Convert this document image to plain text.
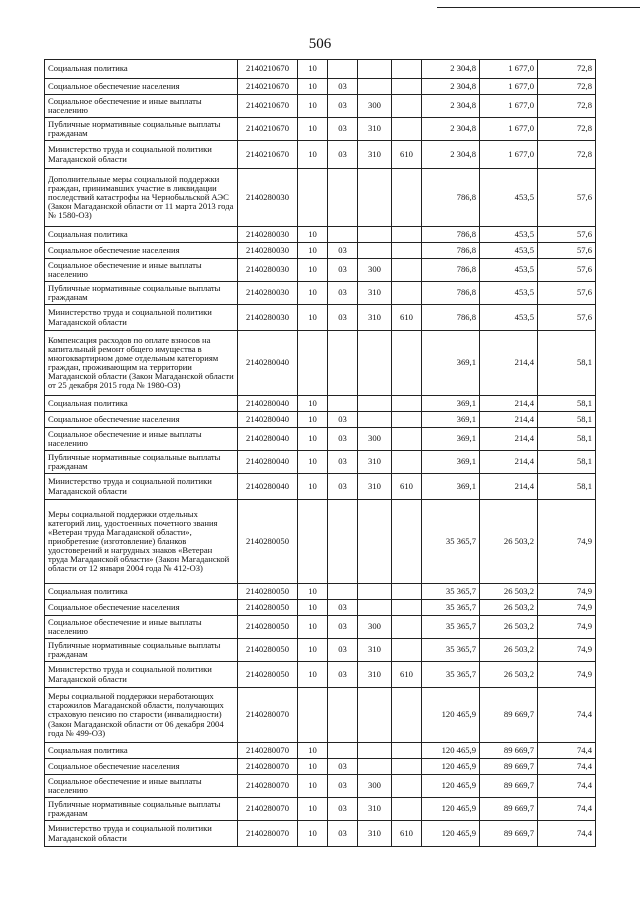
506
Социальная политика	2140210670	10				2 304,8	1 677,0	72,8
Социальное обеспечение населения	2140210670	10	03			2 304,8	1 677,0	72,8
Социальное обеспечение и иные выплаты населению	2140210670	10	03	300		2 304,8	1 677,0	72,8
Публичные нормативные социальные выплаты гражданам	2140210670	10	03	310		2 304,8	1 677,0	72,8
Министерство труда и социальной политики Магаданской области	2140210670	10	03	310	610	2 304,8	1 677,0	72,8
Дополнительные меры социальной поддержки граждан, принимавших участие в ликвидации последствий катастрофы на Чернобыльской АЭС (Закон Магаданской области от 11 марта 2013 года № 1580-ОЗ)	2140280030					786,8	453,5	57,6
Социальная политика	2140280030	10				786,8	453,5	57,6
Социальное обеспечение населения	2140280030	10	03			786,8	453,5	57,6
Социальное обеспечение и иные выплаты населению	2140280030	10	03	300		786,8	453,5	57,6
Публичные нормативные социальные выплаты гражданам	2140280030	10	03	310		786,8	453,5	57,6
Министерство труда и социальной политики Магаданской области	2140280030	10	03	310	610	786,8	453,5	57,6
Компенсация расходов по оплате взносов на капитальный ремонт общего имущества в многоквартирном доме отдельным категориям граждан, проживающим на территории Магаданской области (Закон Магаданской области от 25 декабря 2015 года № 1980-ОЗ)	2140280040					369,1	214,4	58,1
Социальная политика	2140280040	10				369,1	214,4	58,1
Социальное обеспечение населения	2140280040	10	03			369,1	214,4	58,1
Социальное обеспечение и иные выплаты населению	2140280040	10	03	300		369,1	214,4	58,1
Публичные нормативные социальные выплаты гражданам	2140280040	10	03	310		369,1	214,4	58,1
Министерство труда и социальной политики Магаданской области	2140280040	10	03	310	610	369,1	214,4	58,1
Меры социальной поддержки отдельных категорий лиц, удостоенных почетного звания «Ветеран труда Магаданской области», приобретение (изготовление) бланков удостоверений и нагрудных знаков «Ветеран труда Магаданской области» (Закон Магаданской области от 12 января 2004 года № 412-ОЗ)	2140280050					35 365,7	26 503,2	74,9
Социальная политика	2140280050	10				35 365,7	26 503,2	74,9
Социальное обеспечение населения	2140280050	10	03			35 365,7	26 503,2	74,9
Социальное обеспечение и иные выплаты населению	2140280050	10	03	300		35 365,7	26 503,2	74,9
Публичные нормативные социальные выплаты гражданам	2140280050	10	03	310		35 365,7	26 503,2	74,9
Министерство труда и социальной политики Магаданской области	2140280050	10	03	310	610	35 365,7	26 503,2	74,9
Меры социальной поддержки неработающих старожилов Магаданской области, получающих страховую пенсию по старости (инвалидности) (Закон Магаданской области от 06 декабря 2004 года № 499-ОЗ)	2140280070					120 465,9	89 669,7	74,4
Социальная политика	2140280070	10				120 465,9	89 669,7	74,4
Социальное обеспечение населения	2140280070	10	03			120 465,9	89 669,7	74,4
Социальное обеспечение и иные выплаты населению	2140280070	10	03	300		120 465,9	89 669,7	74,4
Публичные нормативные социальные выплаты гражданам	2140280070	10	03	310		120 465,9	89 669,7	74,4
Министерство труда и социальной политики Магаданской области	2140280070	10	03	310	610	120 465,9	89 669,7	74,4
